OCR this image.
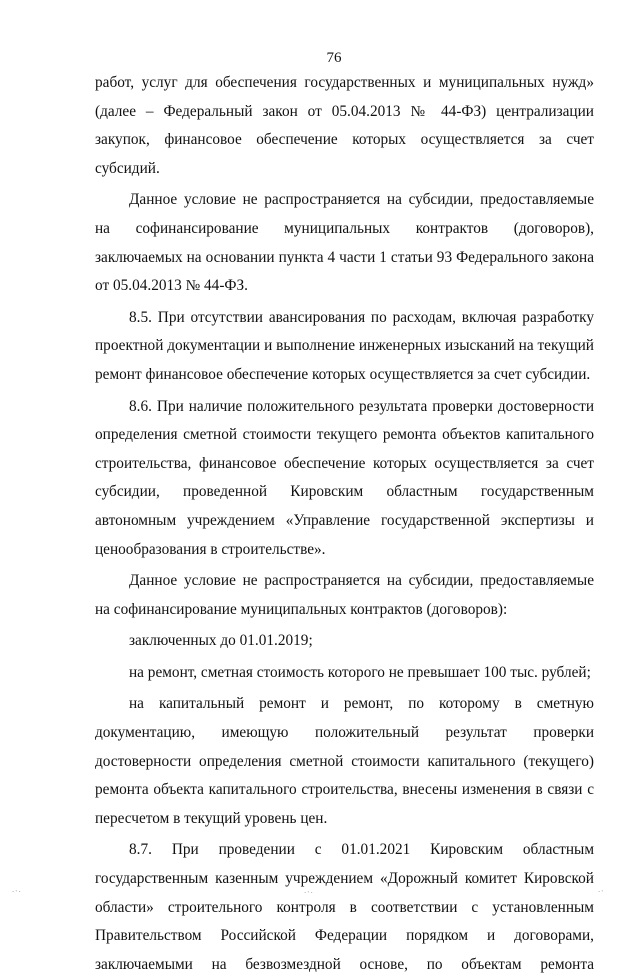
76

работ, услуг для обеспечения государственных и муниципальных нужд» (далее – Федеральный закон от 05.04.2013 № 44-ФЗ) централизации закупок, финансовое обеспечение которых осуществляется за счет субсидий.

Данное условие не распространяется на субсидии, предоставляемые на софинансирование муниципальных контрактов (договоров), заключаемых на основании пункта 4 части 1 статьи 93 Федерального закона от 05.04.2013 № 44-ФЗ.

8.5. При отсутствии авансирования по расходам, включая разработку проектной документации и выполнение инженерных изысканий на текущий ремонт финансовое обеспечение которых осуществляется за счет субсидии.

8.6. При наличие положительного результата проверки достоверности определения сметной стоимости текущего ремонта объектов капитального строительства, финансовое обеспечение которых осуществляется за счет субсидии, проведенной Кировским областным государственным автономным учреждением «Управление государственной экспертизы и ценообразования в строительстве».

Данное условие не распространяется на субсидии, предоставляемые на софинансирование муниципальных контрактов (договоров):

заключенных до 01.01.2019;

на ремонт, сметная стоимость которого не превышает 100 тыс. рублей;

на капитальный ремонт и ремонт, по которому в сметную документацию, имеющую положительный результат проверки достоверности определения сметной стоимости капитального (текущего) ремонта объекта капитального строительства, внесены изменения в связи с пересчетом в текущий уровень цен.

8.7. При проведении с 01.01.2021 Кировским областным государственным казенным учреждением «Дорожный комитет Кировской области» строительного контроля в соответствии с установленным Правительством Российской Федерации порядком и договорами, заключаемыми на безвозмездной основе, по объектам ремонта

·ˑ·	·ˑ·	·ˑ
